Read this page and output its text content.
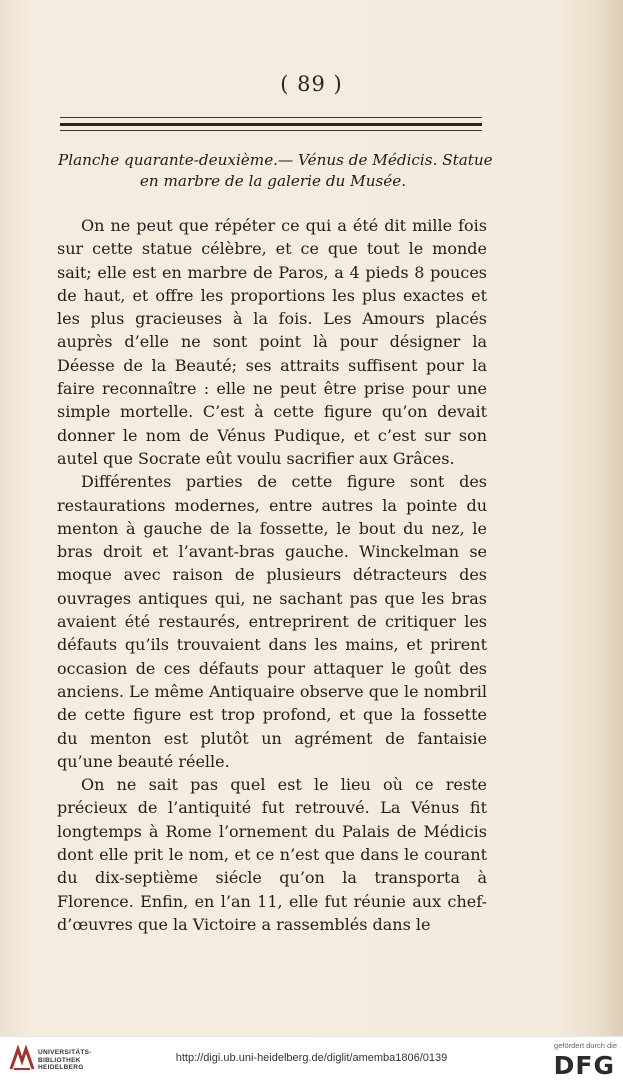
( 89 )
Planche quarante-deuxième.— Vénus de Médicis. Statue
en marbre de la galerie du Musée.

On ne peut que répéter ce qui a été dit mille fois sur cette statue célèbre, et ce que tout le monde sait; elle est en marbre de Paros, a 4 pieds 8 pouces de haut, et offre les proportions les plus exactes et les plus gracieuses à la fois. Les Amours placés auprès d’elle ne sont point là pour désigner la Déesse de la Beauté; ses attraits suffisent pour la faire reconnaître : elle ne peut être prise pour une simple mortelle. C’est à cette figure qu’on devait donner le nom de Vénus Pudique, et c’est sur son autel que Socrate eût voulu sacrifier aux Grâces.

Différentes parties de cette figure sont des restaurations modernes, entre autres la pointe du menton à gauche de la fossette, le bout du nez, le bras droit et l’avant-bras gauche. Winckelman se moque avec raison de plusieurs détracteurs des ouvrages antiques qui, ne sachant pas que les bras avaient été restaurés, entreprirent de critiquer les défauts qu’ils trouvaient dans les mains, et prirent occasion de ces défauts pour attaquer le goût des anciens. Le même Antiquaire observe que le nombril de cette figure est trop profond, et que la fossette du menton est plutôt un agrément de fantaisie qu’une beauté réelle.

On ne sait pas quel est le lieu où ce reste précieux de l’antiquité fut retrouvé. La Vénus fit longtemps à Rome l’ornement du Palais de Médicis dont elle prit le nom, et ce n’est que dans le courant du dix-septième siécle qu’on la transporta à Florence. Enfin, en l’an 11, elle fut réunie aux chef-d’œuvres que la Victoire a rassemblés dans le

UNIVERSITÄTS-
BIBLIOTHEK
HEIDELBERG
http://digi.ub.uni-heidelberg.de/diglit/amemba1806/0139
gefördert durch die
DFG
